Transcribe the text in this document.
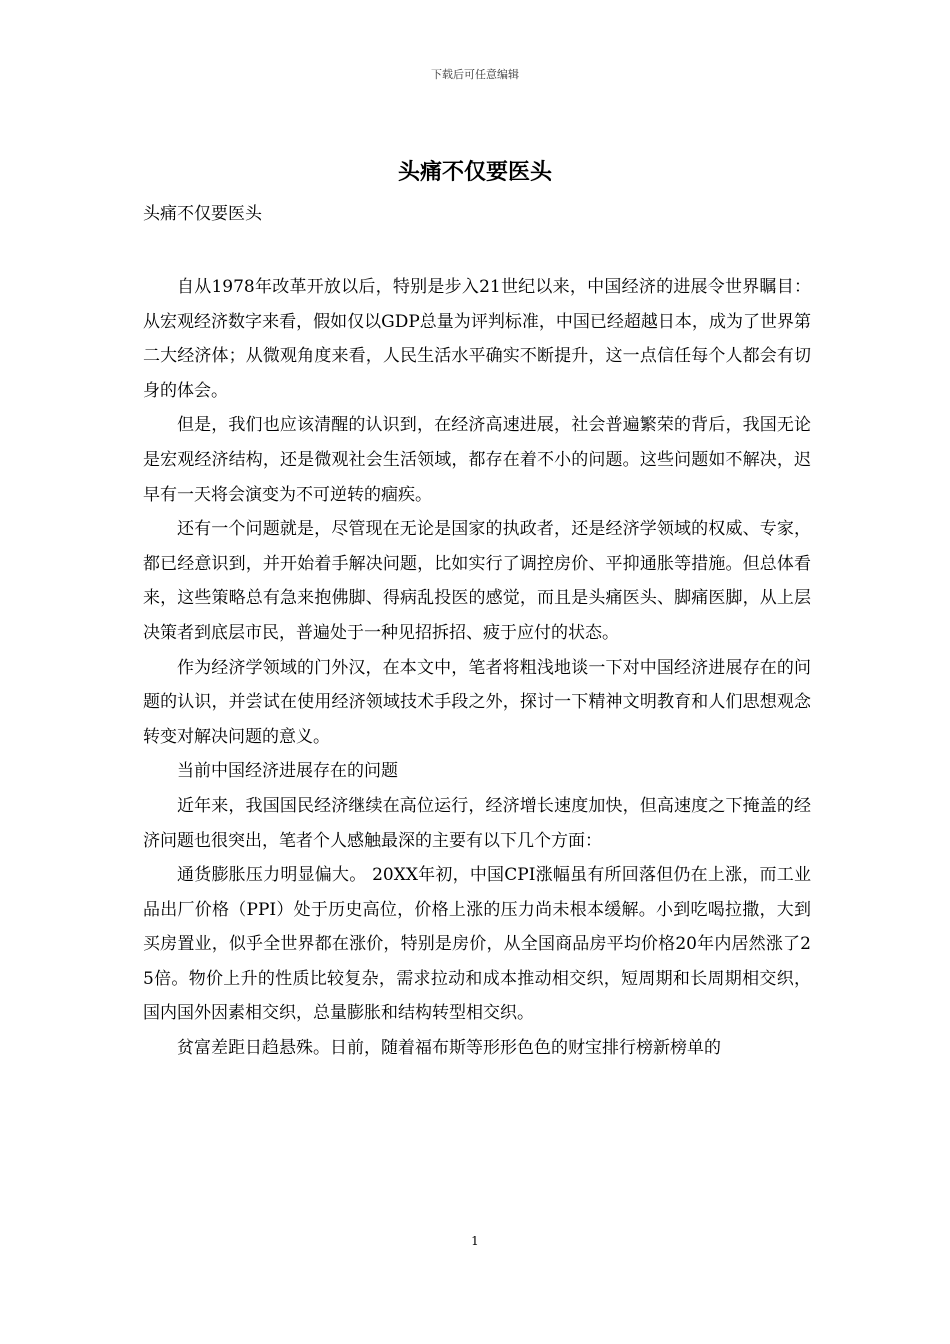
下载后可任意编辑
头痛不仅要医头

头痛不仅要医头

自从1978年改革开放以后，特别是步入21世纪以来，中国经济的进展令世界瞩目：从宏观经济数字来看，假如仅以GDP总量为评判标准，中国已经超越日本，成为了世界第二大经济体；从微观角度来看，人民生活水平确实不断提升，这一点信任每个人都会有切身的体会。

但是，我们也应该清醒的认识到，在经济高速进展，社会普遍繁荣的背后，我国无论是宏观经济结构，还是微观社会生活领域，都存在着不小的问题。这些问题如不解决，迟早有一天将会演变为不可逆转的痼疾。

还有一个问题就是，尽管现在无论是国家的执政者，还是经济学领域的权威、专家，都已经意识到，并开始着手解决问题，比如实行了调控房价、平抑通胀等措施。但总体看来，这些策略总有急来抱佛脚、得病乱投医的感觉，而且是头痛医头、脚痛医脚，从上层决策者到底层市民，普遍处于一种见招拆招、疲于应付的状态。

作为经济学领域的门外汉，在本文中，笔者将粗浅地谈一下对中国经济进展存在的问题的认识，并尝试在使用经济领域技术手段之外，探讨一下精神文明教育和人们思想观念转变对解决问题的意义。

当前中国经济进展存在的问题

近年来，我国国民经济继续在高位运行，经济增长速度加快，但高速度之下掩盖的经济问题也很突出，笔者个人感触最深的主要有以下几个方面：

通货膨胀压力明显偏大。 20XX年初，中国CPI涨幅虽有所回落但仍在上涨，而工业品出厂价格（PPI）处于历史高位，价格上涨的压力尚未根本缓解。小到吃喝拉撒，大到买房置业，似乎全世界都在涨价，特别是房价，从全国商品房平均价格20年内居然涨了25倍。物价上升的性质比较复杂，需求拉动和成本推动相交织，短周期和长周期相交织，国内国外因素相交织，总量膨胀和结构转型相交织。

贫富差距日趋悬殊。日前，随着福布斯等形形色色的财宝排行榜新榜单的

1
